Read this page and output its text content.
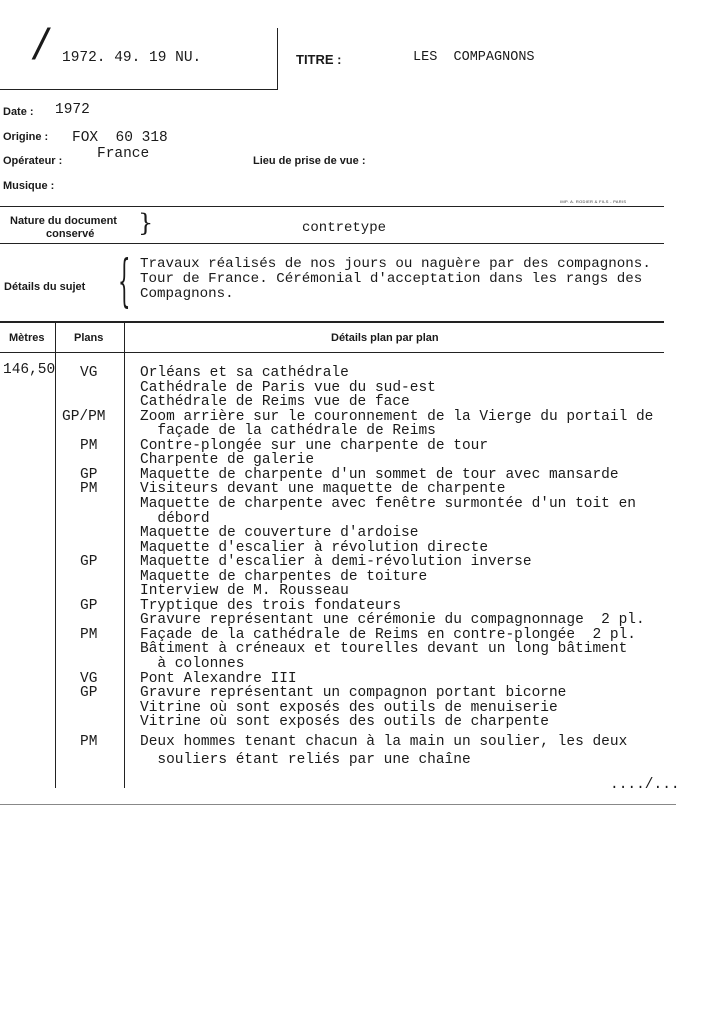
/ 1972. 49. 19 NU.	TITRE :	LES  COMPAGNONS
Date : 1972
Origine : FOX  60 318
France
Opérateur :	Lieu de prise de vue :
Musique :
IMP. A. RODIER & FILS - PARIS
Nature du document
conservé }	contretype
Détails du sujet { Travaux réalisés de nos jours ou naguère par des compagnons.
Tour de France. Cérémonial d'acceptation dans les rangs des
Compagnons.
Mètres	Plans	Détails plan par plan
146,50 VG	Orléans et sa cathédrale
Cathédrale de Paris vue du sud-est
Cathédrale de Reims vue de face
GP/PM Zoom arrière sur le couronnement de la Vierge du portail de
façade de la cathédrale de Reims
PM	Contre-plongée sur une charpente de tour
Charpente de galerie
GP	Maquette de charpente d'un sommet de tour avec mansarde
PM	Visiteurs devant une maquette de charpente
Maquette de charpente avec fenêtre surmontée d'un toit en
débord
Maquette de couverture d'ardoise
Maquette d'escalier à révolution directe
GP	Maquette d'escalier à demi-révolution inverse
Maquette de charpentes de toiture
Interview de M. Rousseau
GP	Tryptique des trois fondateurs
Gravure représentant une cérémonie du compagnonnage  2 pl.
PM	Façade de la cathédrale de Reims en contre-plongée  2 pl.
Bâtiment à créneaux et tourelles devant un long bâtiment
à colonnes
VG	Pont Alexandre III
GP	Gravure représentant un compagnon portant bicorne
Vitrine où sont exposés des outils de menuiserie
Vitrine où sont exposés des outils de charpente
PM	Deux hommes tenant chacun à la main un soulier, les deux
souliers étant reliés par une chaîne
..../...
